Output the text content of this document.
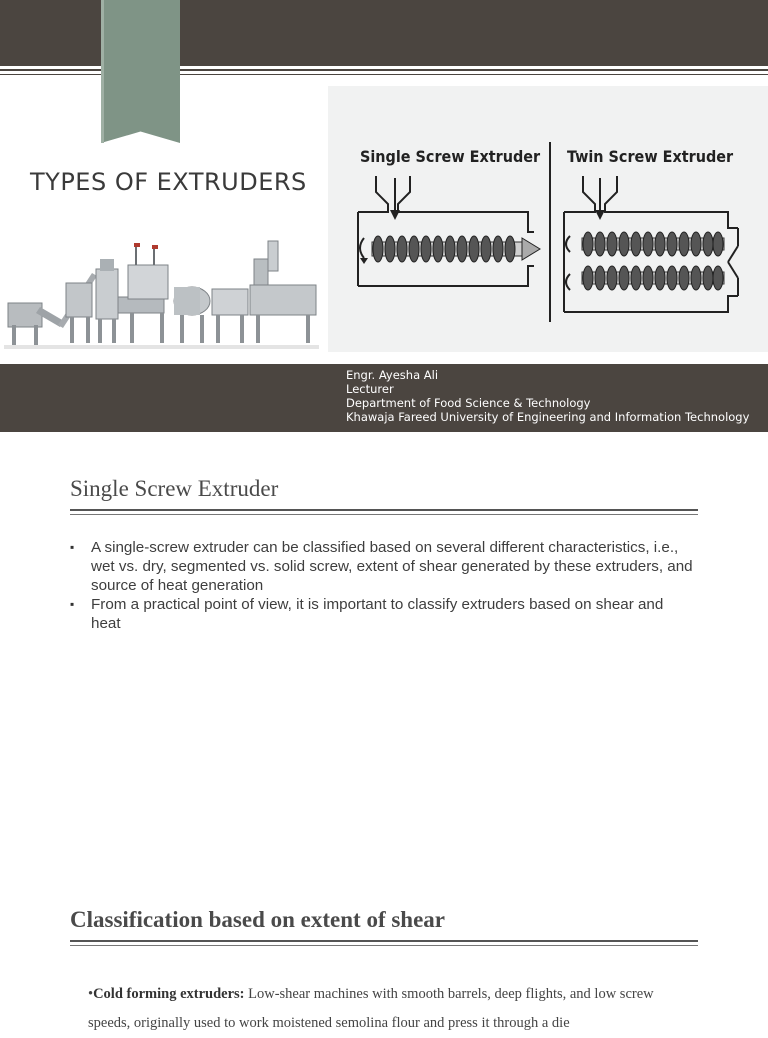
TYPES OF EXTRUDERS
Single Screw Extruder Twin Screw Extruder
Engr. Ayesha Ali
Lecturer
Department of Food Science & Technology
Khawaja Fareed University of Engineering and Information Technology
Single Screw Extruder
▪ A single-screw extruder can be classified based on several different characteristics, i.e., wet vs. dry, segmented vs. solid screw, extent of shear generated by these extruders, and source of heat generation
▪ From a practical point of view, it is important to classify extruders based on shear and heat
Classification based on extent of shear
•Cold forming extruders: Low-shear machines with smooth barrels, deep flights, and low screw speeds, originally used to work moistened semolina flour and press it through a die
